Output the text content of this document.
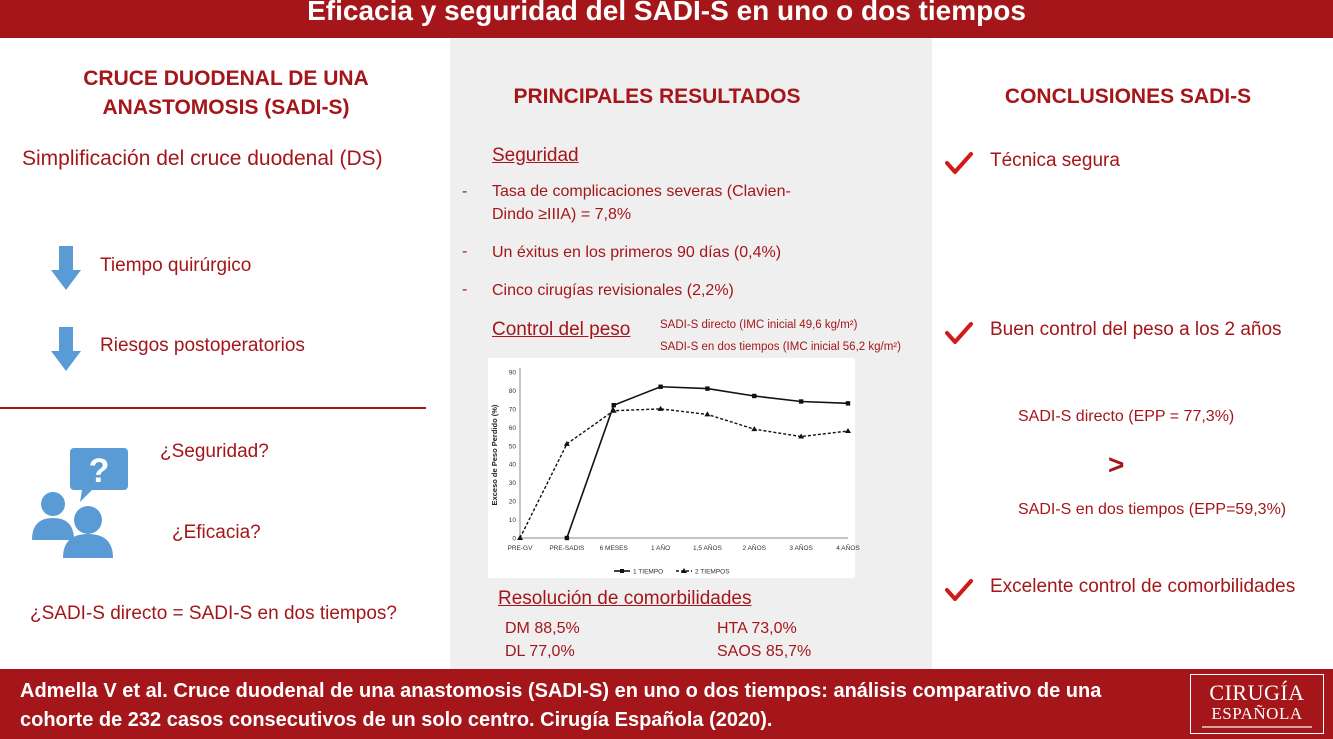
Eficacia y seguridad del SADI-S en uno o dos tiempos
CRUCE DUODENAL DE UNA ANASTOMOSIS (SADI-S)
Simplificación del cruce duodenal (DS)
Tiempo quirúrgico
Riesgos postoperatorios
?
¿Seguridad?
¿Eficacia?
¿SADI-S directo = SADI-S en dos tiempos?
PRINCIPALES RESULTADOS
Seguridad
- Tasa de complicaciones severas (Clavien-Dindo ≥IIIA) = 7,8%
- Un éxitus en los primeros 90 días (0,4%)
- Cinco cirugías revisionales (2,2%)
Control del peso	SADI-S directo (IMC inicial 49,6 kg/m²)
SADI-S en dos tiempos (IMC inicial 56,2 kg/m²)
0
10
20
30
40
50
60
70
80
90
PRE-GV	PRE-SADIS 6 MESES	1 AÑO	1,5 AÑOS	2 AÑOS	3 AÑOS	4 AÑOS
Exceso de Peso Perdido (%)
1 TIEMPO	2 TIEMPOS
Resolución de comorbilidades
DM 88,5%	HTA 73,0%
DL 77,0%	SAOS 85,7%
CONCLUSIONES SADI-S
Técnica segura
Buen control del peso a los 2 años
SADI-S directo (EPP = 77,3%)
>
SADI-S en dos tiempos (EPP=59,3%)
Excelente control de comorbilidades
Admella V et al. Cruce duodenal de una anastomosis (SADI-S) en uno o dos tiempos: análisis comparativo de una cohorte de 232 casos consecutivos de un solo centro. Cirugía Española (2020).
CIRUGÍA
ESPAÑOLA
